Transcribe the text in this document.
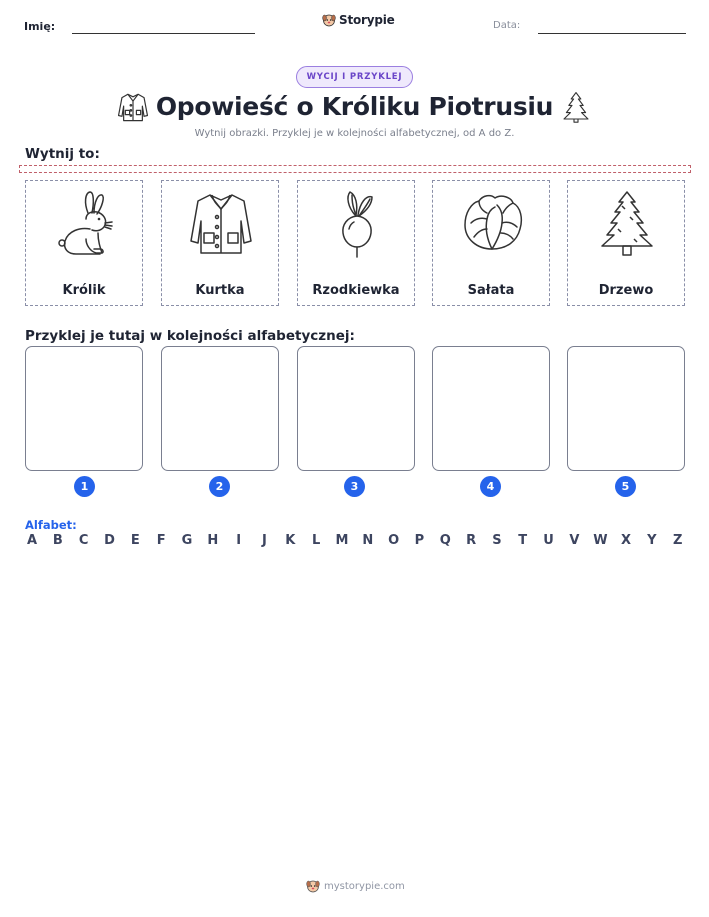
Imię:	Storypie	Data:
WYCIJ I PRZYKLEJ
Opowieść o Króliku Piotrusiu
Wytnij obrazki. Przyklej je w kolejności alfabetycznej, od A do Z.
Wytnij to:
Królik	Kurtka	Rzodkiewka	Sałata	Drzewo
Przyklej je tutaj w kolejności alfabetycznej:
1	2	3	4	5
Alfabet:
A B C D E F G H	I	J	K L M N O P Q R S T U V W X Y Z
mystorypie.com
